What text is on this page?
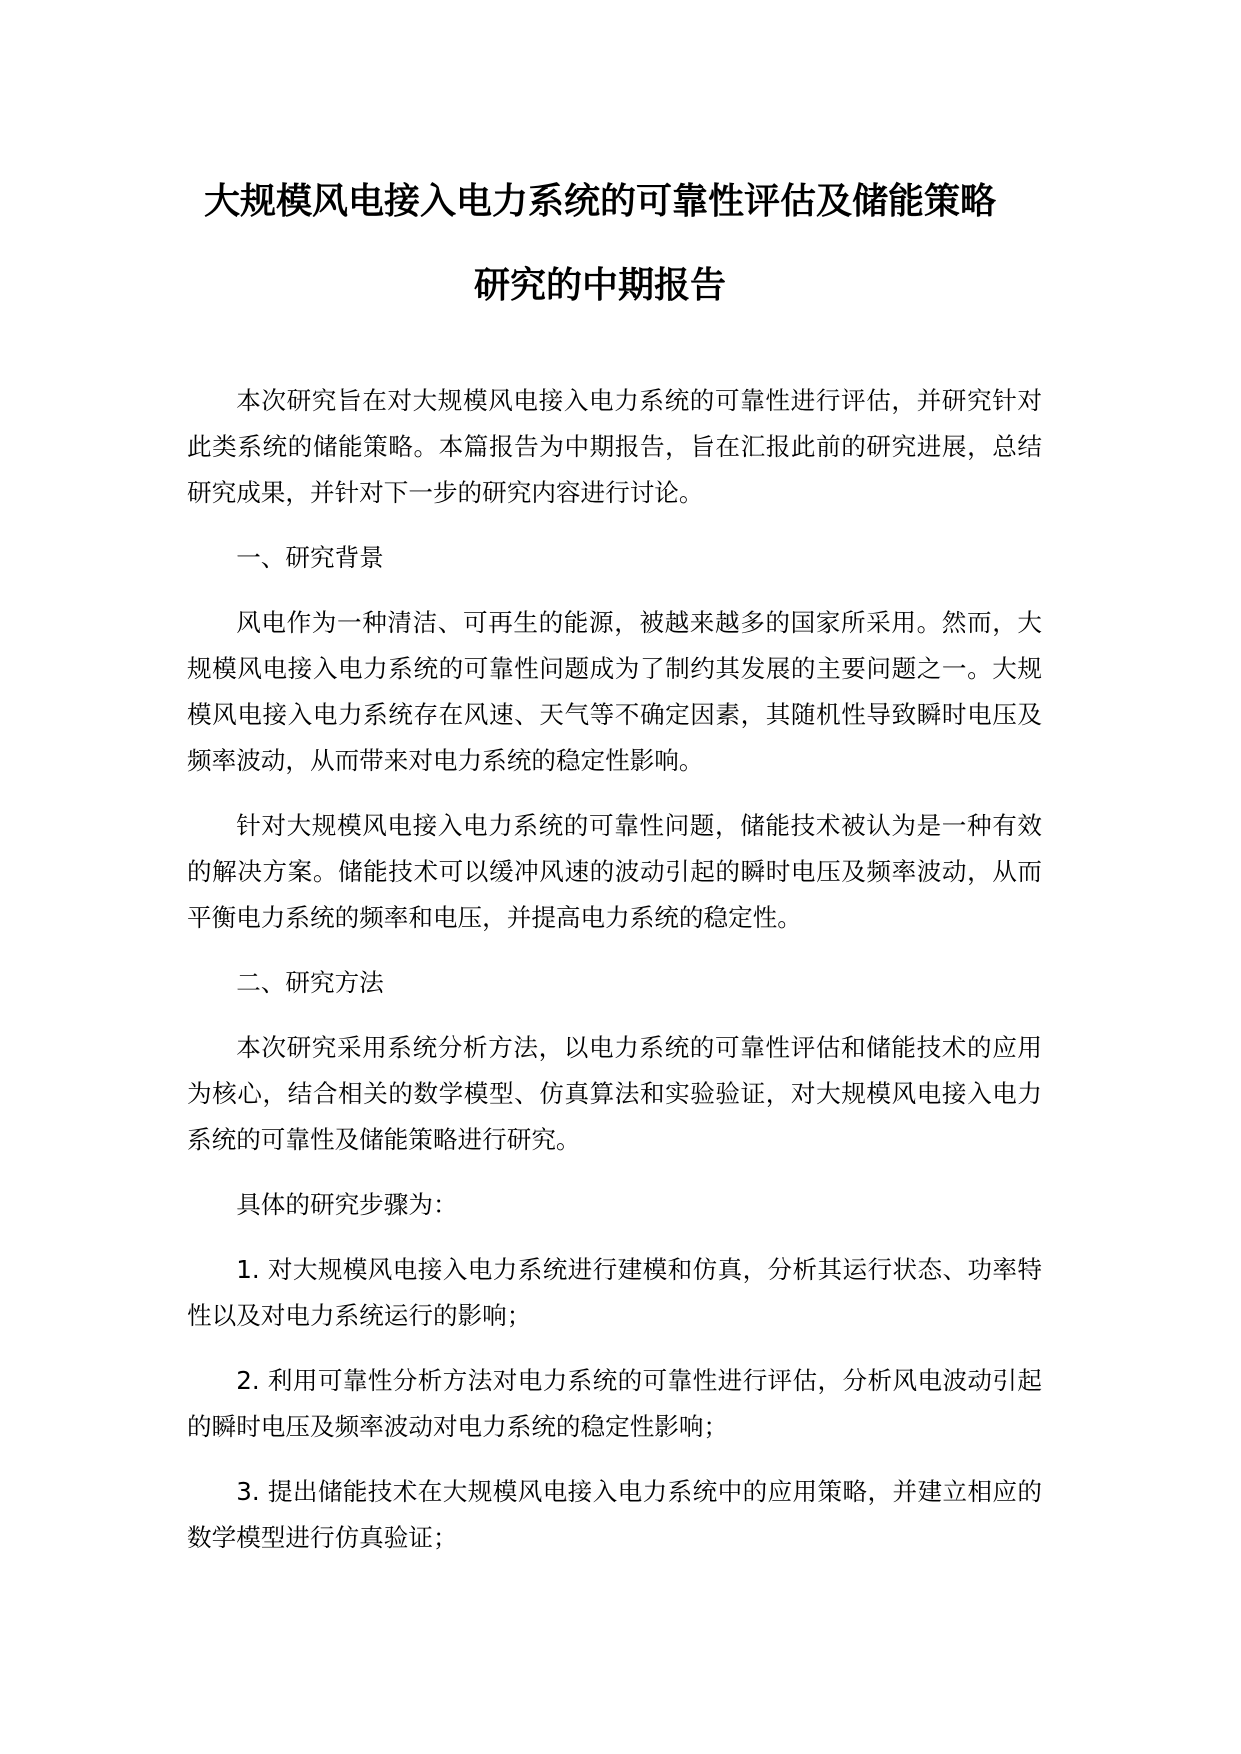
大规模风电接入电力系统的可靠性评估及储能策略
研究的中期报告

本次研究旨在对大规模风电接入电力系统的可靠性进行评估，并研究针对此类系统的储能策略。本篇报告为中期报告，旨在汇报此前的研究进展，总结研究成果，并针对下一步的研究内容进行讨论。

一、研究背景

风电作为一种清洁、可再生的能源，被越来越多的国家所采用。然而，大规模风电接入电力系统的可靠性问题成为了制约其发展的主要问题之一。大规模风电接入电力系统存在风速、天气等不确定因素，其随机性导致瞬时电压及频率波动，从而带来对电力系统的稳定性影响。

针对大规模风电接入电力系统的可靠性问题，储能技术被认为是一种有效的解决方案。储能技术可以缓冲风速的波动引起的瞬时电压及频率波动，从而平衡电力系统的频率和电压，并提高电力系统的稳定性。

二、研究方法

本次研究采用系统分析方法，以电力系统的可靠性评估和储能技术的应用为核心，结合相关的数学模型、仿真算法和实验验证，对大规模风电接入电力系统的可靠性及储能策略进行研究。

具体的研究步骤为：

1. 对大规模风电接入电力系统进行建模和仿真，分析其运行状态、功率特性以及对电力系统运行的影响；

2. 利用可靠性分析方法对电力系统的可靠性进行评估，分析风电波动引起的瞬时电压及频率波动对电力系统的稳定性影响；

3. 提出储能技术在大规模风电接入电力系统中的应用策略，并建立相应的数学模型进行仿真验证；
